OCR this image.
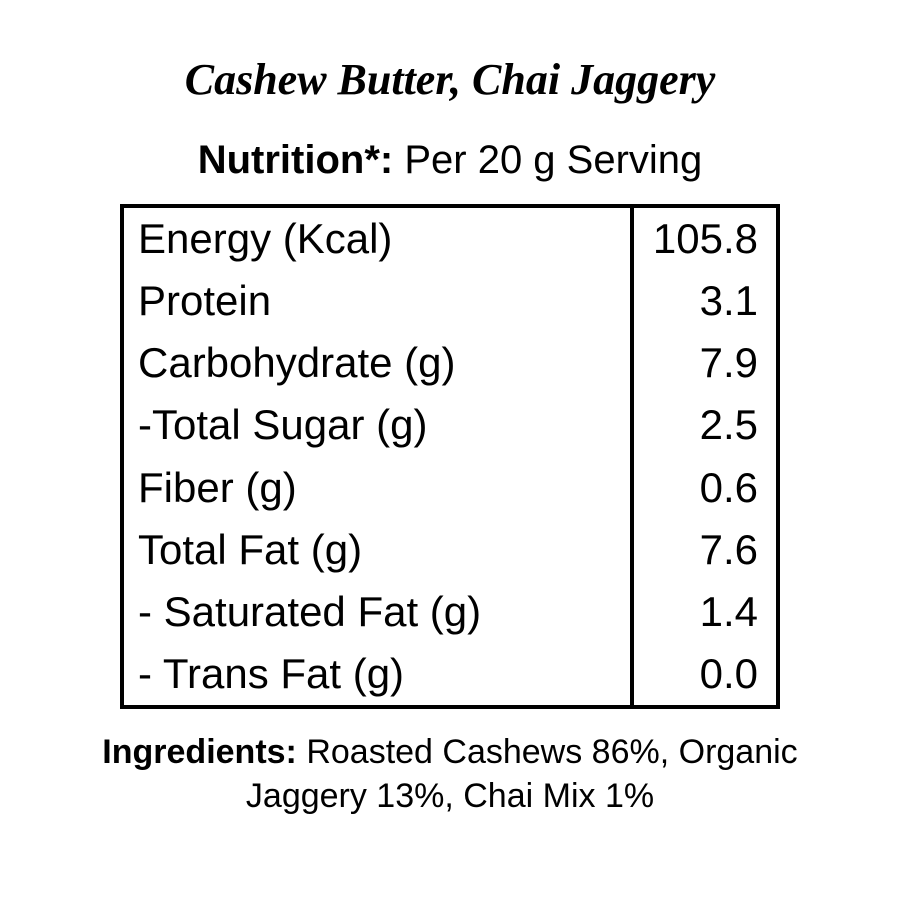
Cashew Butter, Chai Jaggery
Nutrition*: Per 20 g Serving
Energy (Kcal)	105.8
Protein	3.1
Carbohydrate (g)	7.9
-Total Sugar (g)	2.5
Fiber (g)	0.6
Total Fat (g)	7.6
- Saturated Fat (g)	1.4
- Trans Fat (g)	0.0
Ingredients: Roasted Cashews 86%, Organic Jaggery 13%, Chai Mix 1%
